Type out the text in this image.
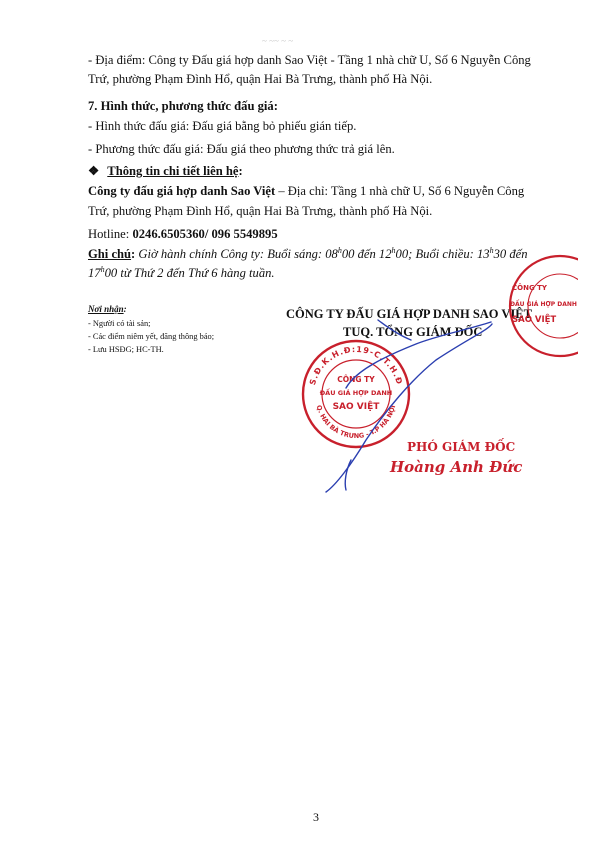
~ ~~ ~ ~
- Địa điểm: Công ty Đấu giá hợp danh Sao Việt - Tầng 1 nhà chữ U, Số 6 Nguyễn Công
Trứ, phường Phạm Đình Hổ, quận Hai Bà Trưng, thành phố Hà Nội.
7. Hình thức, phương thức đấu giá:
- Hình thức đấu giá: Đấu giá bằng bỏ phiếu gián tiếp.
- Phương thức đấu giá: Đấu giá theo phương thức trả giá lên.
❖ Thông tin chi tiết liên hệ:
Công ty đấu giá hợp danh Sao Việt – Địa chỉ: Tầng 1 nhà chữ U, Số 6 Nguyễn Công
Trứ, phường Phạm Đình Hổ, quận Hai Bà Trưng, thành phố Hà Nội.
Hotline: 0246.6505360/ 096 5549895
Ghi chú: Giờ hành chính Công ty: Buổi sáng: 08$^h$00 đến 12$^h$00; Buổi chiều: 13$^h$30 đến
17$^h$00 từ Thứ 2 đến Thứ 6 hàng tuần.
Nơi nhận:
- Người có tài sản;
- Các điểm niêm yết, đăng thông báo;
- Lưu HSĐG; HC-TH.
CÔNG TY ĐẤU GIÁ HỢP DANH SAO VIỆT
TUQ. TỔNG GIÁM ĐỐC
S.Đ.K.H.Đ:19-C.T.H.Đ
Q. HAI BÀ TRƯNG - T.P HÀ NỘI
CÔNG TY
ĐẤU GIÁ HỢP DANH
SAO VIỆT
CÔNG TY
ĐẤU GIÁ HỢP DANH
SAO VIỆT
PHÓ GIÁM ĐỐC
Hoàng Anh Đức
3
